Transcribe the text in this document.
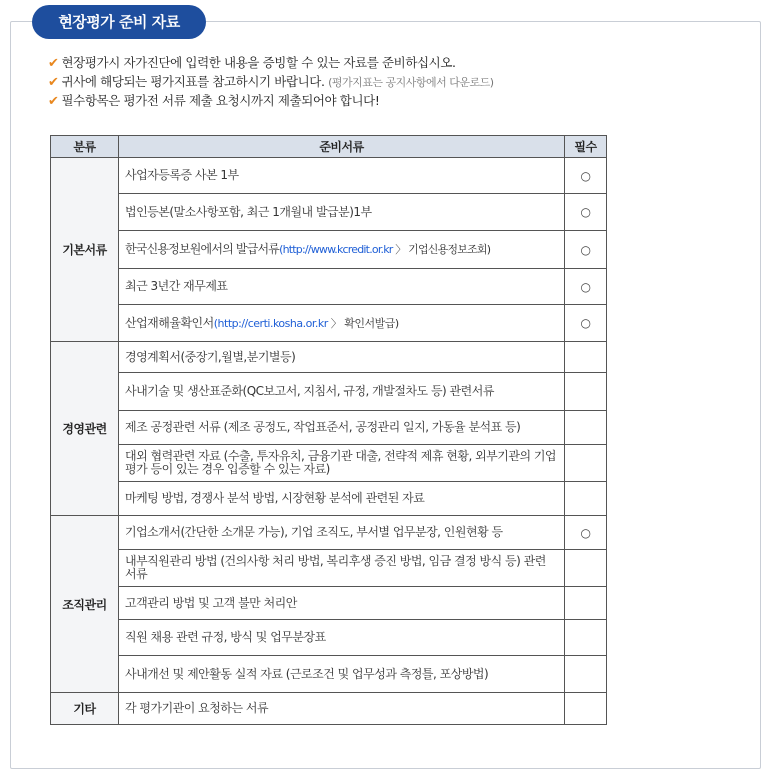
현장평가 준비 자료
✔ 현장평가시 자가진단에 입력한 내용을 증빙할 수 있는 자료를 준비하십시오.
✔ 귀사에 해당되는 평가지표를 참고하시기 바랍니다. (평가지표는 공지사항에서 다운로드)
✔ 필수항목은 평가전 서류 제출 요청시까지 제출되어야 합니다!
분류	준비서류	필수
기본서류	사업자등록증 사본 1부	○
	법인등본(말소사항포함, 최근 1개월내 발급분)1부	○
	한국신용정보원에서의 발급서류(http://www.kcredit.or.kr 〉 기업신용정보조회)	○
	최근 3년간 재무제표	○
	산업재해율확인서(http://certi.kosha.or.kr 〉 확인서발급)	○
경영관련	경영계획서(중장기,월별,분기별등)	
	사내기술 및 생산표준화(QC보고서, 지침서, 규정, 개발절차도 등) 관련서류	
	제조 공정관련 서류 (제조 공정도, 작업표준서, 공정관리 일지, 가동율 분석표 등)	
	대외 협력관련 자료 (수출, 투자유치, 금융기관 대출, 전략적 제휴 현황, 외부기관의 기업평가 등이 있는 경우 입증할 수 있는 자료)	
	마케팅 방법, 경쟁사 분석 방법, 시장현황 분석에 관련된 자료	
조직관리	기업소개서(간단한 소개문 가능), 기업 조직도, 부서별 업무분장, 인원현황 등	○
	내부직원관리 방법 (건의사항 처리 방법, 복리후생 증진 방법, 임금 결정 방식 등) 관련 서류	
	고객관리 방법 및 고객 불만 처리안	
	직원 채용 관련 규정, 방식 및 업무분장표	
	사내개선 및 제안활동 실적 자료 (근로조건 및 업무성과 측정틀, 포상방법)	
기타	각 평가기관이 요청하는 서류	
